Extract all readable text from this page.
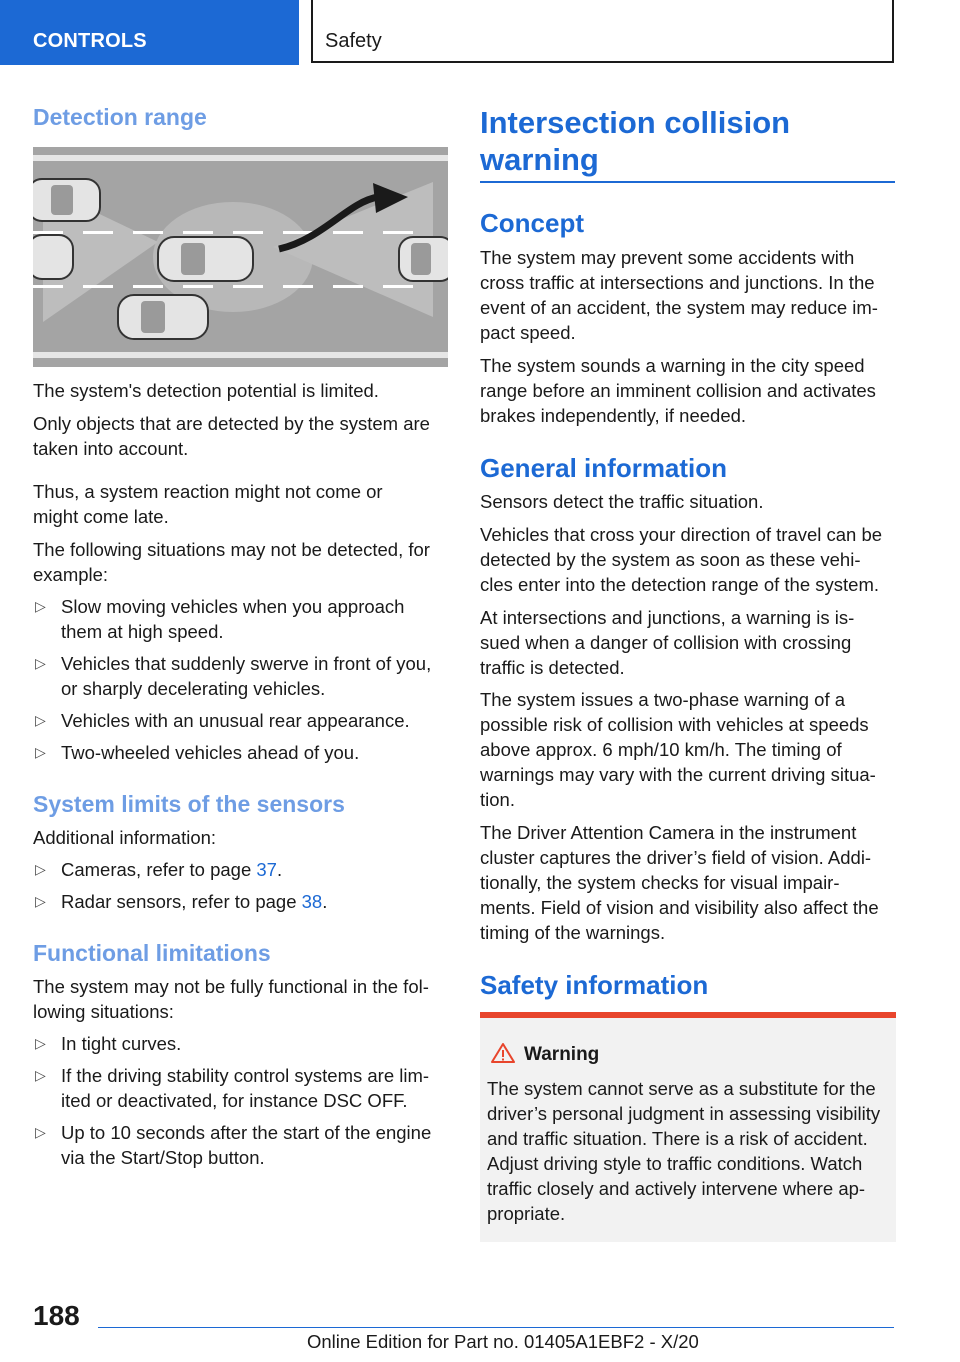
CONTROLS	Safety
Detection range
The system's detection potential is limited.
Only objects that are detected by the system are taken into account.
Thus, a system reaction might not come or might come late.
The following situations may not be detected, for example:
▷ Slow moving vehicles when you approach them at high speed.
▷ Vehicles that suddenly swerve in front of you, or sharply decelerating vehicles.
▷ Vehicles with an unusual rear appearance.
▷ Two-wheeled vehicles ahead of you.
System limits of the sensors
Additional information:
▷ Cameras, refer to page 37.
▷ Radar sensors, refer to page 38.
Functional limitations
The system may not be fully functional in the fol‐ lowing situations:
▷ In tight curves.
▷ If the driving stability control systems are lim‐ ited or deactivated, for instance DSC OFF.
▷ Up to 10 seconds after the start of the engine via the Start/Stop button.
Intersection collision warning
Concept
The system may prevent some accidents with cross traffic at intersections and junctions. In the event of an accident, the system may reduce im‐ pact speed.
The system sounds a warning in the city speed range before an imminent collision and activates brakes independently, if needed.
General information
Sensors detect the traffic situation.
Vehicles that cross your direction of travel can be detected by the system as soon as these vehi‐ cles enter into the detection range of the system.
At intersections and junctions, a warning is is‐ sued when a danger of collision with crossing traffic is detected.
The system issues a two-phase warning of a possible risk of collision with vehicles at speeds above approx. 6 mph/10 km/h. The timing of warnings may vary with the current driving situa‐ tion.
The Driver Attention Camera in the instrument cluster captures the driver’s field of vision. Addi‐ tionally, the system checks for visual impair‐ ments. Field of vision and visibility also affect the timing of the warnings.
Safety information
Warning
The system cannot serve as a substitute for the driver’s personal judgment in assessing visibility and traffic situation. There is a risk of accident. Adjust driving style to traffic conditions. Watch traffic closely and actively intervene where ap‐ propriate.
188
Online Edition for Part no. 01405A1EBF2 - X/20
